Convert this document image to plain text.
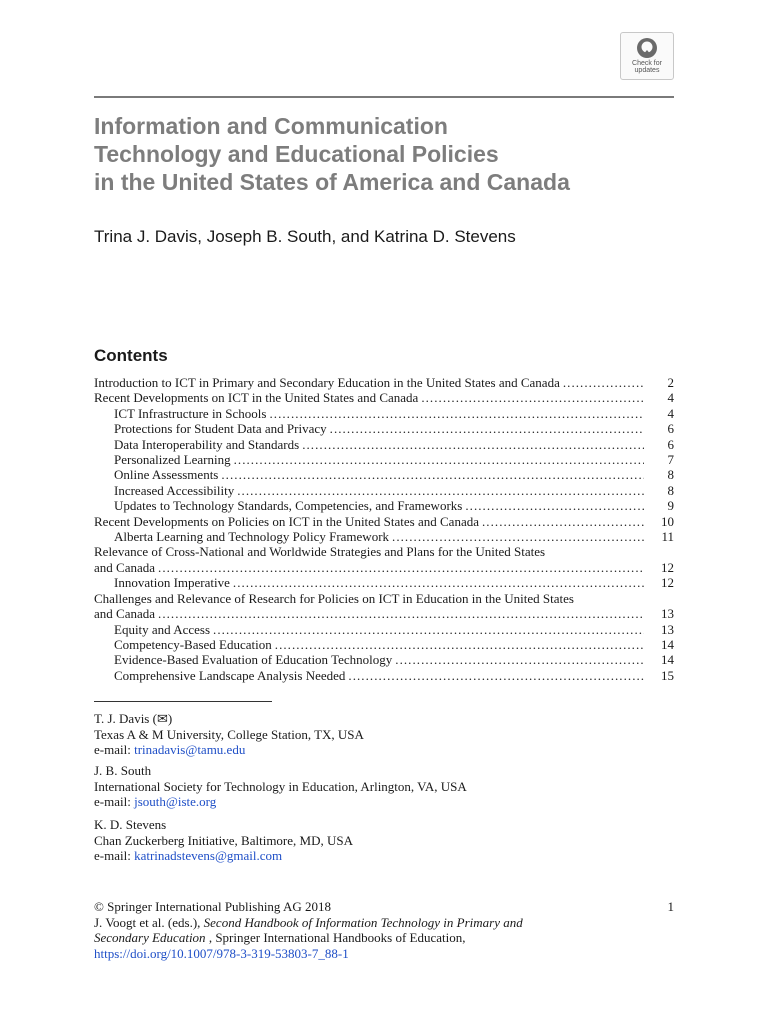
Check for
updates
Information and Communication
Technology and Educational Policies
in the United States of America and Canada
Trina J. Davis, Joseph B. South, and Katrina D. Stevens
Contents
Introduction to ICT in Primary and Secondary Education in the United States and Canada . . .	2
Recent Developments on ICT in the United States and Canada . . .	4
ICT Infrastructure in Schools . . .	4
Protections for Student Data and Privacy . . .	6
Data Interoperability and Standards . . .	6
Personalized Learning . . .	7
Online Assessments . . .	8
Increased Accessibility . . .	8
Updates to Technology Standards, Competencies, and Frameworks . . .	9
Recent Developments on Policies on ICT in the United States and Canada . . .	10
Alberta Learning and Technology Policy Framework . . .	11
Relevance of Cross-National and Worldwide Strategies and Plans for the United States
and Canada . . .	12
Innovation Imperative . . .	12
Challenges and Relevance of Research for Policies on ICT in Education in the United States
and Canada . . .	13
Equity and Access . . .	13
Competency-Based Education . . .	14
Evidence-Based Evaluation of Education Technology . . .	14
Comprehensive Landscape Analysis Needed . . .	15
T. J. Davis (✉)
Texas A & M University, College Station, TX, USA
e-mail: trinadavis@tamu.edu
J. B. South
International Society for Technology in Education, Arlington, VA, USA
e-mail: jsouth@iste.org
K. D. Stevens
Chan Zuckerberg Initiative, Baltimore, MD, USA
e-mail: katrinadstevens@gmail.com
1
© Springer International Publishing AG 2018
J. Voogt et al. (eds.), Second Handbook of Information Technology in Primary and
Secondary Education , Springer International Handbooks of Education,
https://doi.org/10.1007/978-3-319-53803-7_88-1
